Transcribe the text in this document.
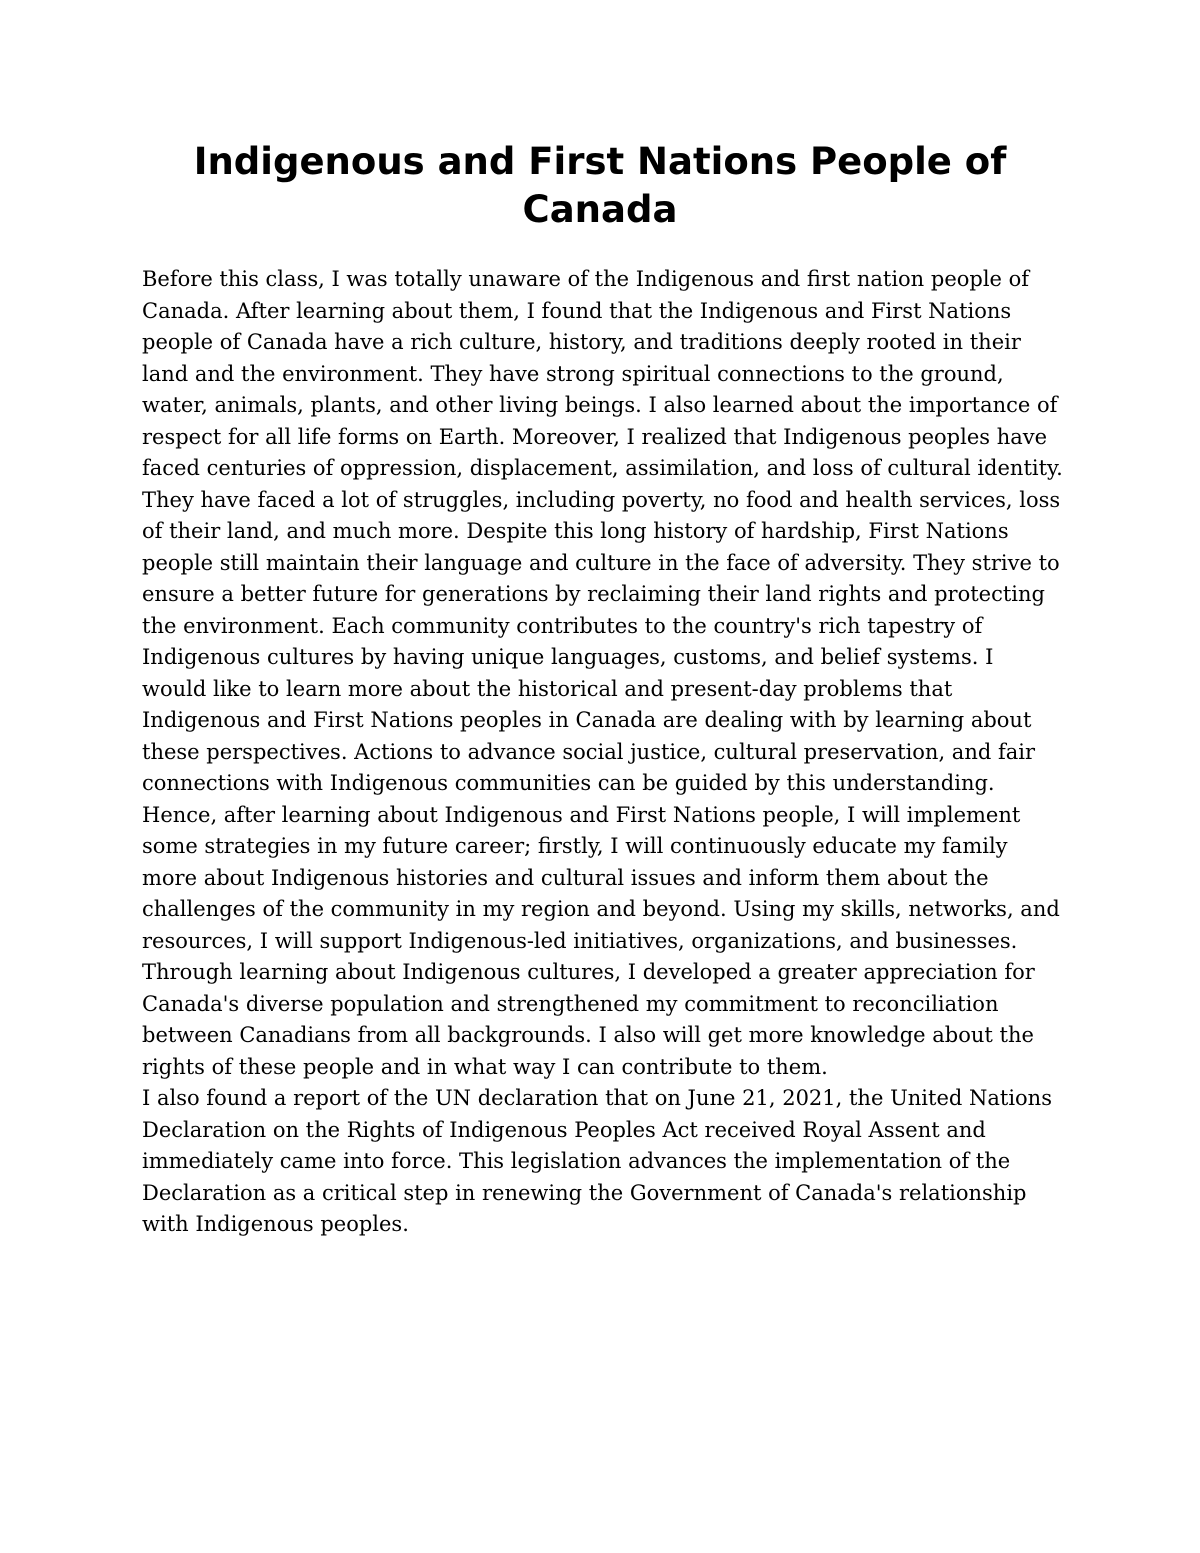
Indigenous and First Nations People of Canada

Before this class, I was totally unaware of the Indigenous and first nation people of Canada. After learning about them, I found that the Indigenous and First Nations people of Canada have a rich culture, history, and traditions deeply rooted in their land and the environment. They have strong spiritual connections to the ground, water, animals, plants, and other living beings. I also learned about the importance of respect for all life forms on Earth. Moreover, I realized that Indigenous peoples have faced centuries of oppression, displacement, assimilation, and loss of cultural identity.

They have faced a lot of struggles, including poverty, no food and health services, loss of their land, and much more. Despite this long history of hardship, First Nations people still maintain their language and culture in the face of adversity. They strive to ensure a better future for generations by reclaiming their land rights and protecting the environment. Each community contributes to the country's rich tapestry of Indigenous cultures by having unique languages, customs, and belief systems. I would like to learn more about the historical and present-day problems that Indigenous and First Nations peoples in Canada are dealing with by learning about these perspectives. Actions to advance social justice, cultural preservation, and fair connections with Indigenous communities can be guided by this understanding.

Hence, after learning about Indigenous and First Nations people, I will implement some strategies in my future career; firstly, I will continuously educate my family more about Indigenous histories and cultural issues and inform them about the challenges of the community in my region and beyond. Using my skills, networks, and resources, I will support Indigenous-led initiatives, organizations, and businesses. Through learning about Indigenous cultures, I developed a greater appreciation for Canada's diverse population and strengthened my commitment to reconciliation between Canadians from all backgrounds. I also will get more knowledge about the rights of these people and in what way I can contribute to them.

I also found a report of the UN declaration that on June 21, 2021, the United Nations Declaration on the Rights of Indigenous Peoples Act received Royal Assent and immediately came into force. This legislation advances the implementation of the Declaration as a critical step in renewing the Government of Canada's relationship with Indigenous peoples.
